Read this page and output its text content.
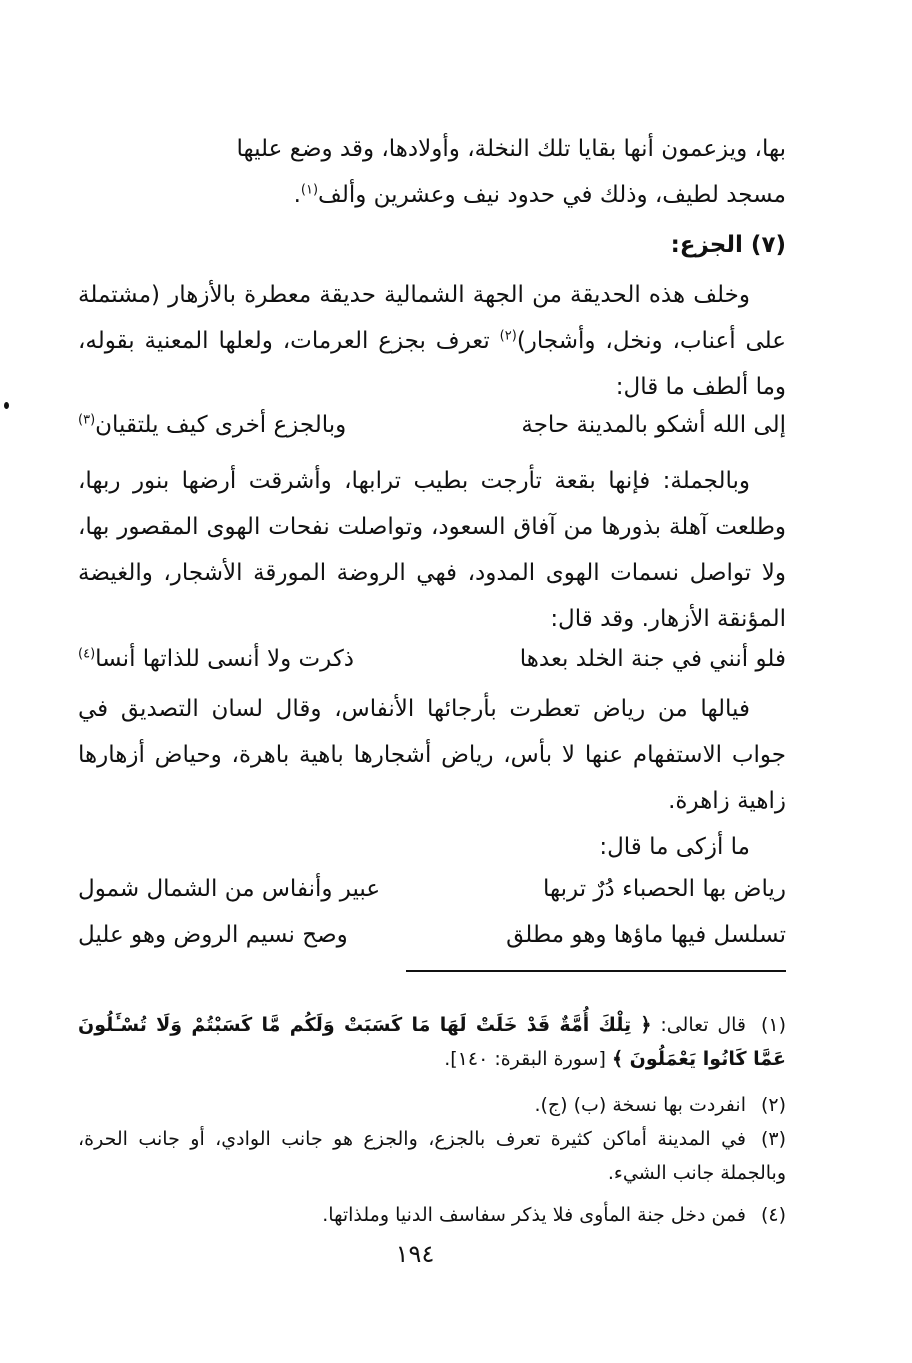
بها، ويزعمون أنها بقايا تلك النخلة، وأولادها، وقد وضع عليها
مسجد لطيف، وذلك في حدود نيف وعشرين وألف$^{(١)}$.
(٧) الجزع:
وخلف هذه الحديقة من الجهة الشمالية حديقة معطرة بالأزهار (مشتملة على أعناب، ونخل، وأشجار)$^{(٢)}$ تعرف بجزع العرمات، ولعلها المعنية بقوله، وما ألطف ما قال:
إلى الله أشكو بالمدينة حاجة
وبالجزع أخرى كيف يلتقيان$^{(٣)}$
وبالجملة: فإنها بقعة تأرجت بطيب ترابها، وأشرقت أرضها بنور ربها، وطلعت آهلة بذورها من آفاق السعود، وتواصلت نفحات الهوى المقصور بها، ولا تواصل نسمات الهوى المدود، فهي الروضة المورقة الأشجار، والغيضة المؤنقة الأزهار. وقد قال:
فلو أنني في جنة الخلد بعدها
ذكرت ولا أنسى للذاتها أنسا$^{(٤)}$
فيالها من رياض تعطرت بأرجائها الأنفاس، وقال لسان التصديق في جواب الاستفهام عنها لا بأس، رياض أشجارها باهية باهرة، وحياض أزهارها زاهية زاهرة.
ما أزكى ما قال:
رياض بها الحصباء دُرٌ تربها
عبير وأنفاس من الشمال شمول
تسلسل فيها ماؤها وهو مطلق
وصح نسيم الروض وهو عليل
(١)قال تعالى: ﴿ تِلْكَ أُمَّةٌ قَدْ خَلَتْ لَهَا مَا كَسَبَتْ وَلَكُم مَّا كَسَبْتُمْ وَلَا تُسْـَٔلُونَ عَمَّا كَانُوا يَعْمَلُونَ ﴾ [سورة البقرة: ١٤٠].
(٢)انفردت بها نسخة (ب) (ج).
(٣)في المدينة أماكن كثيرة تعرف بالجزع، والجزع هو جانب الوادي، أو جانب الحرة، وبالجملة جانب الشيء.
(٤)فمن دخل جنة المأوى فلا يذكر سفاسف الدنيا وملذاتها.
١٩٤
